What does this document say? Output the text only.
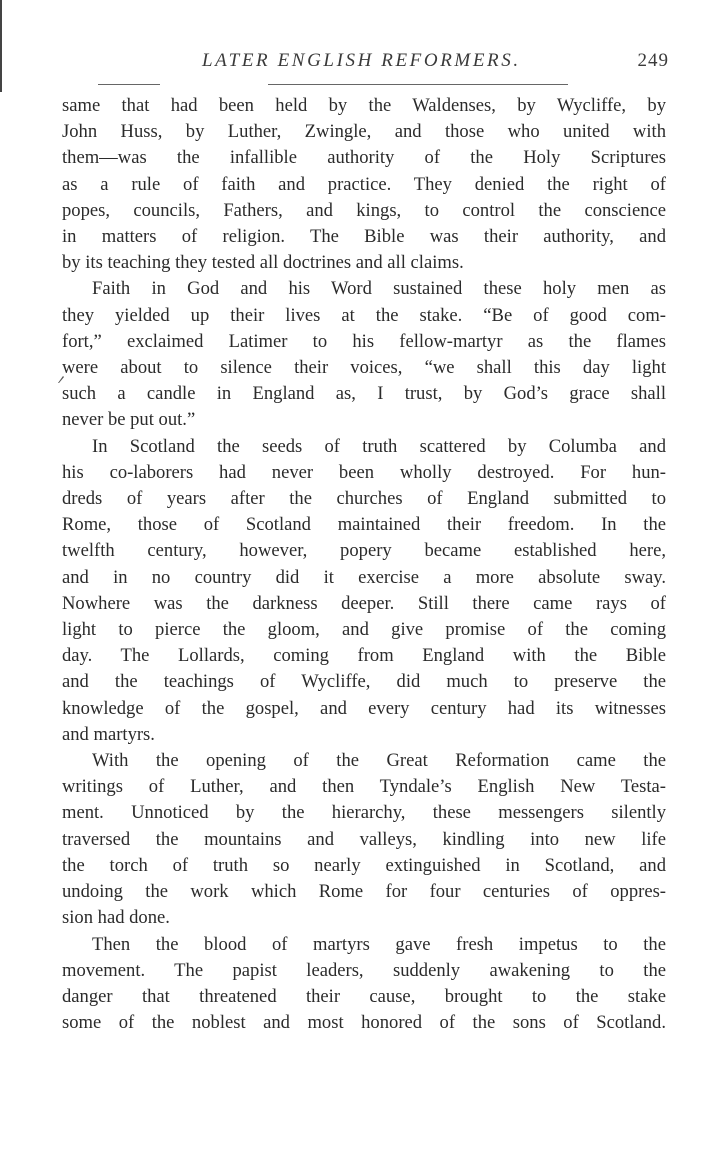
LATER ENGLISH REFORMERS.	249

same that had been held by the Waldenses, by Wycliffe, by
John Huss, by Luther, Zwingle, and those who united with
them—was the infallible authority of the Holy Scriptures
as a rule of faith and practice. They denied the right of
popes, councils, Fathers, and kings, to control the conscience
in matters of religion. The Bible was their authority, and
by its teaching they tested all doctrines and all claims.

Faith in God and his Word sustained these holy men as
they yielded up their lives at the stake. “Be of good com-
fort,” exclaimed Latimer to his fellow-martyr as the flames
were about to silence their voices, “we shall this day light
such a candle in England as, I trust, by God’s grace shall
never be put out.”

In Scotland the seeds of truth scattered by Columba and
his co-laborers had never been wholly destroyed. For hun-
dreds of years after the churches of England submitted to
Rome, those of Scotland maintained their freedom. In the
twelfth century, however, popery became established here,
and in no country did it exercise a more absolute sway.
Nowhere was the darkness deeper. Still there came rays of
light to pierce the gloom, and give promise of the coming
day. The Lollards, coming from England with the Bible
and the teachings of Wycliffe, did much to preserve the
knowledge of the gospel, and every century had its witnesses
and martyrs.

With the opening of the Great Reformation came the
writings of Luther, and then Tyndale’s English New Testa-
ment. Unnoticed by the hierarchy, these messengers silently
traversed the mountains and valleys, kindling into new life
the torch of truth so nearly extinguished in Scotland, and
undoing the work which Rome for four centuries of oppres-
sion had done.

Then the blood of martyrs gave fresh impetus to the
movement. The papist leaders, suddenly awakening to the
danger that threatened their cause, brought to the stake
some of the noblest and most honored of the sons of Scotland.
